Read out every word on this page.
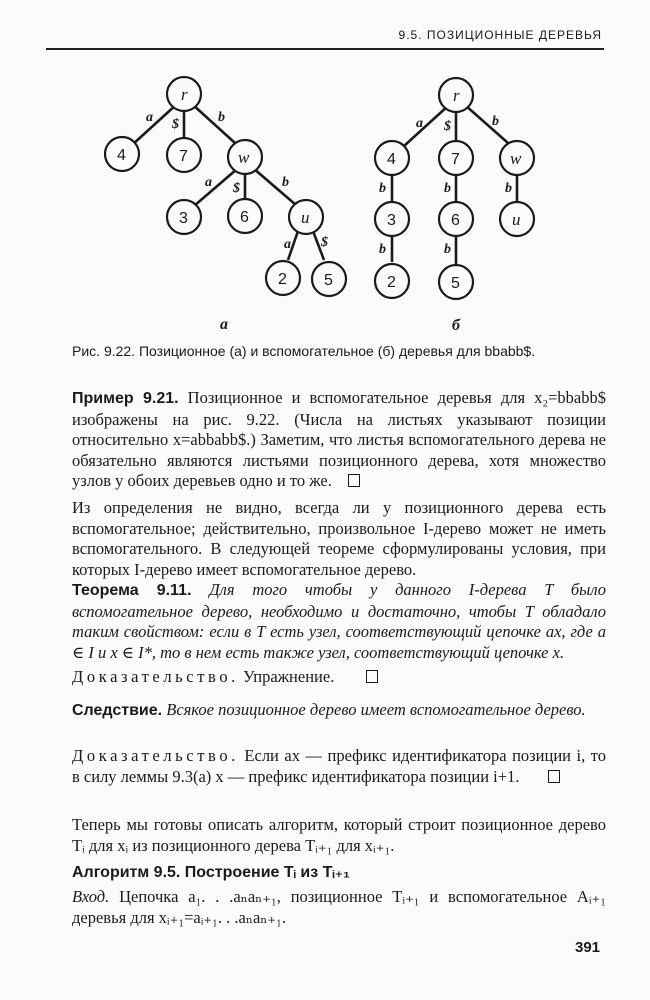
9.5. ПОЗИЦИОННЫЕ ДЕРЕВЬЯ
r
4	7	w
3	6	u
2 5
a $	b
a $	b
a $
r
4	7	w
3	6	u
2	5
a $	b
b	b	b
b	b
a	б
Рис. 9.22. Позиционное (a) и вспомогательное (б) деревья для bbabb$.
Пример 9.21. Позиционное и вспомогательное деревья для x₂=bbabb$ изображены на рис. 9.22. (Числа на листьях указывают позиции относительно x=abbabb$.) Заметим, что листья вспомогательного дерева не обязательно являются листьями позиционного дерева, хотя множество узлов у обоих деревьев одно и то же.
Из определения не видно, всегда ли у позиционного дерева есть вспомогательное; действительно, произвольное I-дерево может не иметь вспомогательного. В следующей теореме сформулированы условия, при которых I-дерево имеет вспомогательное дерево.
Теорема 9.11. Для того чтобы у данного I-дерева T было вспомогательное дерево, необходимо и достаточно, чтобы T обладало таким свойством: если в T есть узел, соответствующий цепочке ax, где a ∈ I и x ∈ I*, то в нем есть также узел, соответствующий цепочке x.
Доказательство. Упражнение.
Следствие. Всякое позиционное дерево имеет вспомогательное дерево.
Доказательство. Если ax — префикс идентификатора позиции i, то в силу леммы 9.3(a) x — префикс идентификатора позиции i+1.
Теперь мы готовы описать алгоритм, который строит позиционное дерево Tᵢ для xᵢ из позиционного дерева Tᵢ₊₁ для xᵢ₊₁.
Алгоритм 9.5. Построение Tᵢ из Tᵢ₊₁
Вход. Цепочка a₁. . .aₙaₙ₊₁, позиционное Tᵢ₊₁ и вспомогательное Aᵢ₊₁ деревья для xᵢ₊₁=aᵢ₊₁. . .aₙaₙ₊₁.
391
